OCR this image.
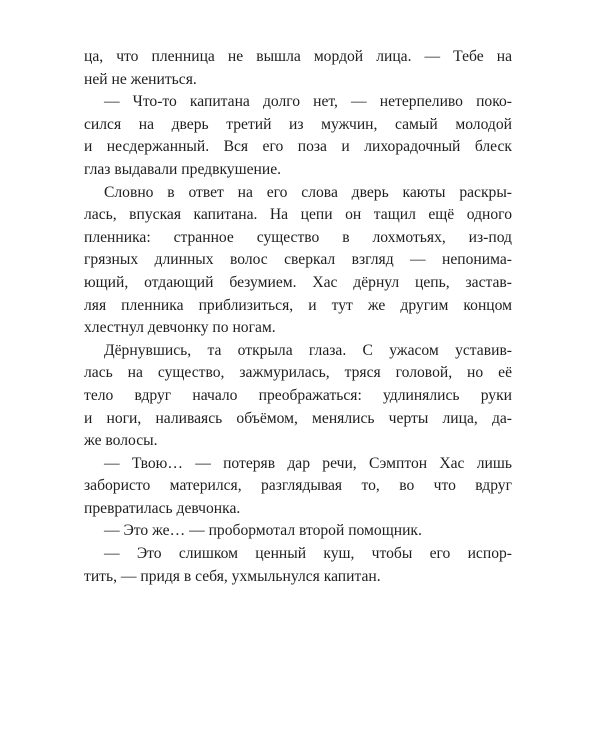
ца, что пленница не вышла мордой лица. — Тебе на
ней не жениться.

— Что-то капитана долго нет, — нетерпеливо поко-
сился на дверь третий из мужчин, самый молодой
и несдержанный. Вся его поза и лихорадочный блеск
глаз выдавали предвкушение.

Словно в ответ на его слова дверь каюты раскры-
лась, впуская капитана. На цепи он тащил ещё одного
пленника: странное существо в лохмотьях, из-под
грязных длинных волос сверкал взгляд — непонима-
ющий, отдающий безумием. Хас дёрнул цепь, застав-
ляя пленника приблизиться, и тут же другим концом
хлестнул девчонку по ногам.

Дёрнувшись, та открыла глаза. С ужасом уставив-
лась на существо, зажмурилась, тряся головой, но её
тело вдруг начало преображаться: удлинялись руки
и ноги, наливаясь объёмом, менялись черты лица, да-
же волосы.

— Твою… — потеряв дар речи, Сэмптон Хас лишь
забористо матерился, разглядывая то, во что вдруг
превратилась девчонка.

— Это же… — пробормотал второй помощник.

— Это слишком ценный куш, чтобы его испор-
тить, — придя в себя, ухмыльнулся капитан.
